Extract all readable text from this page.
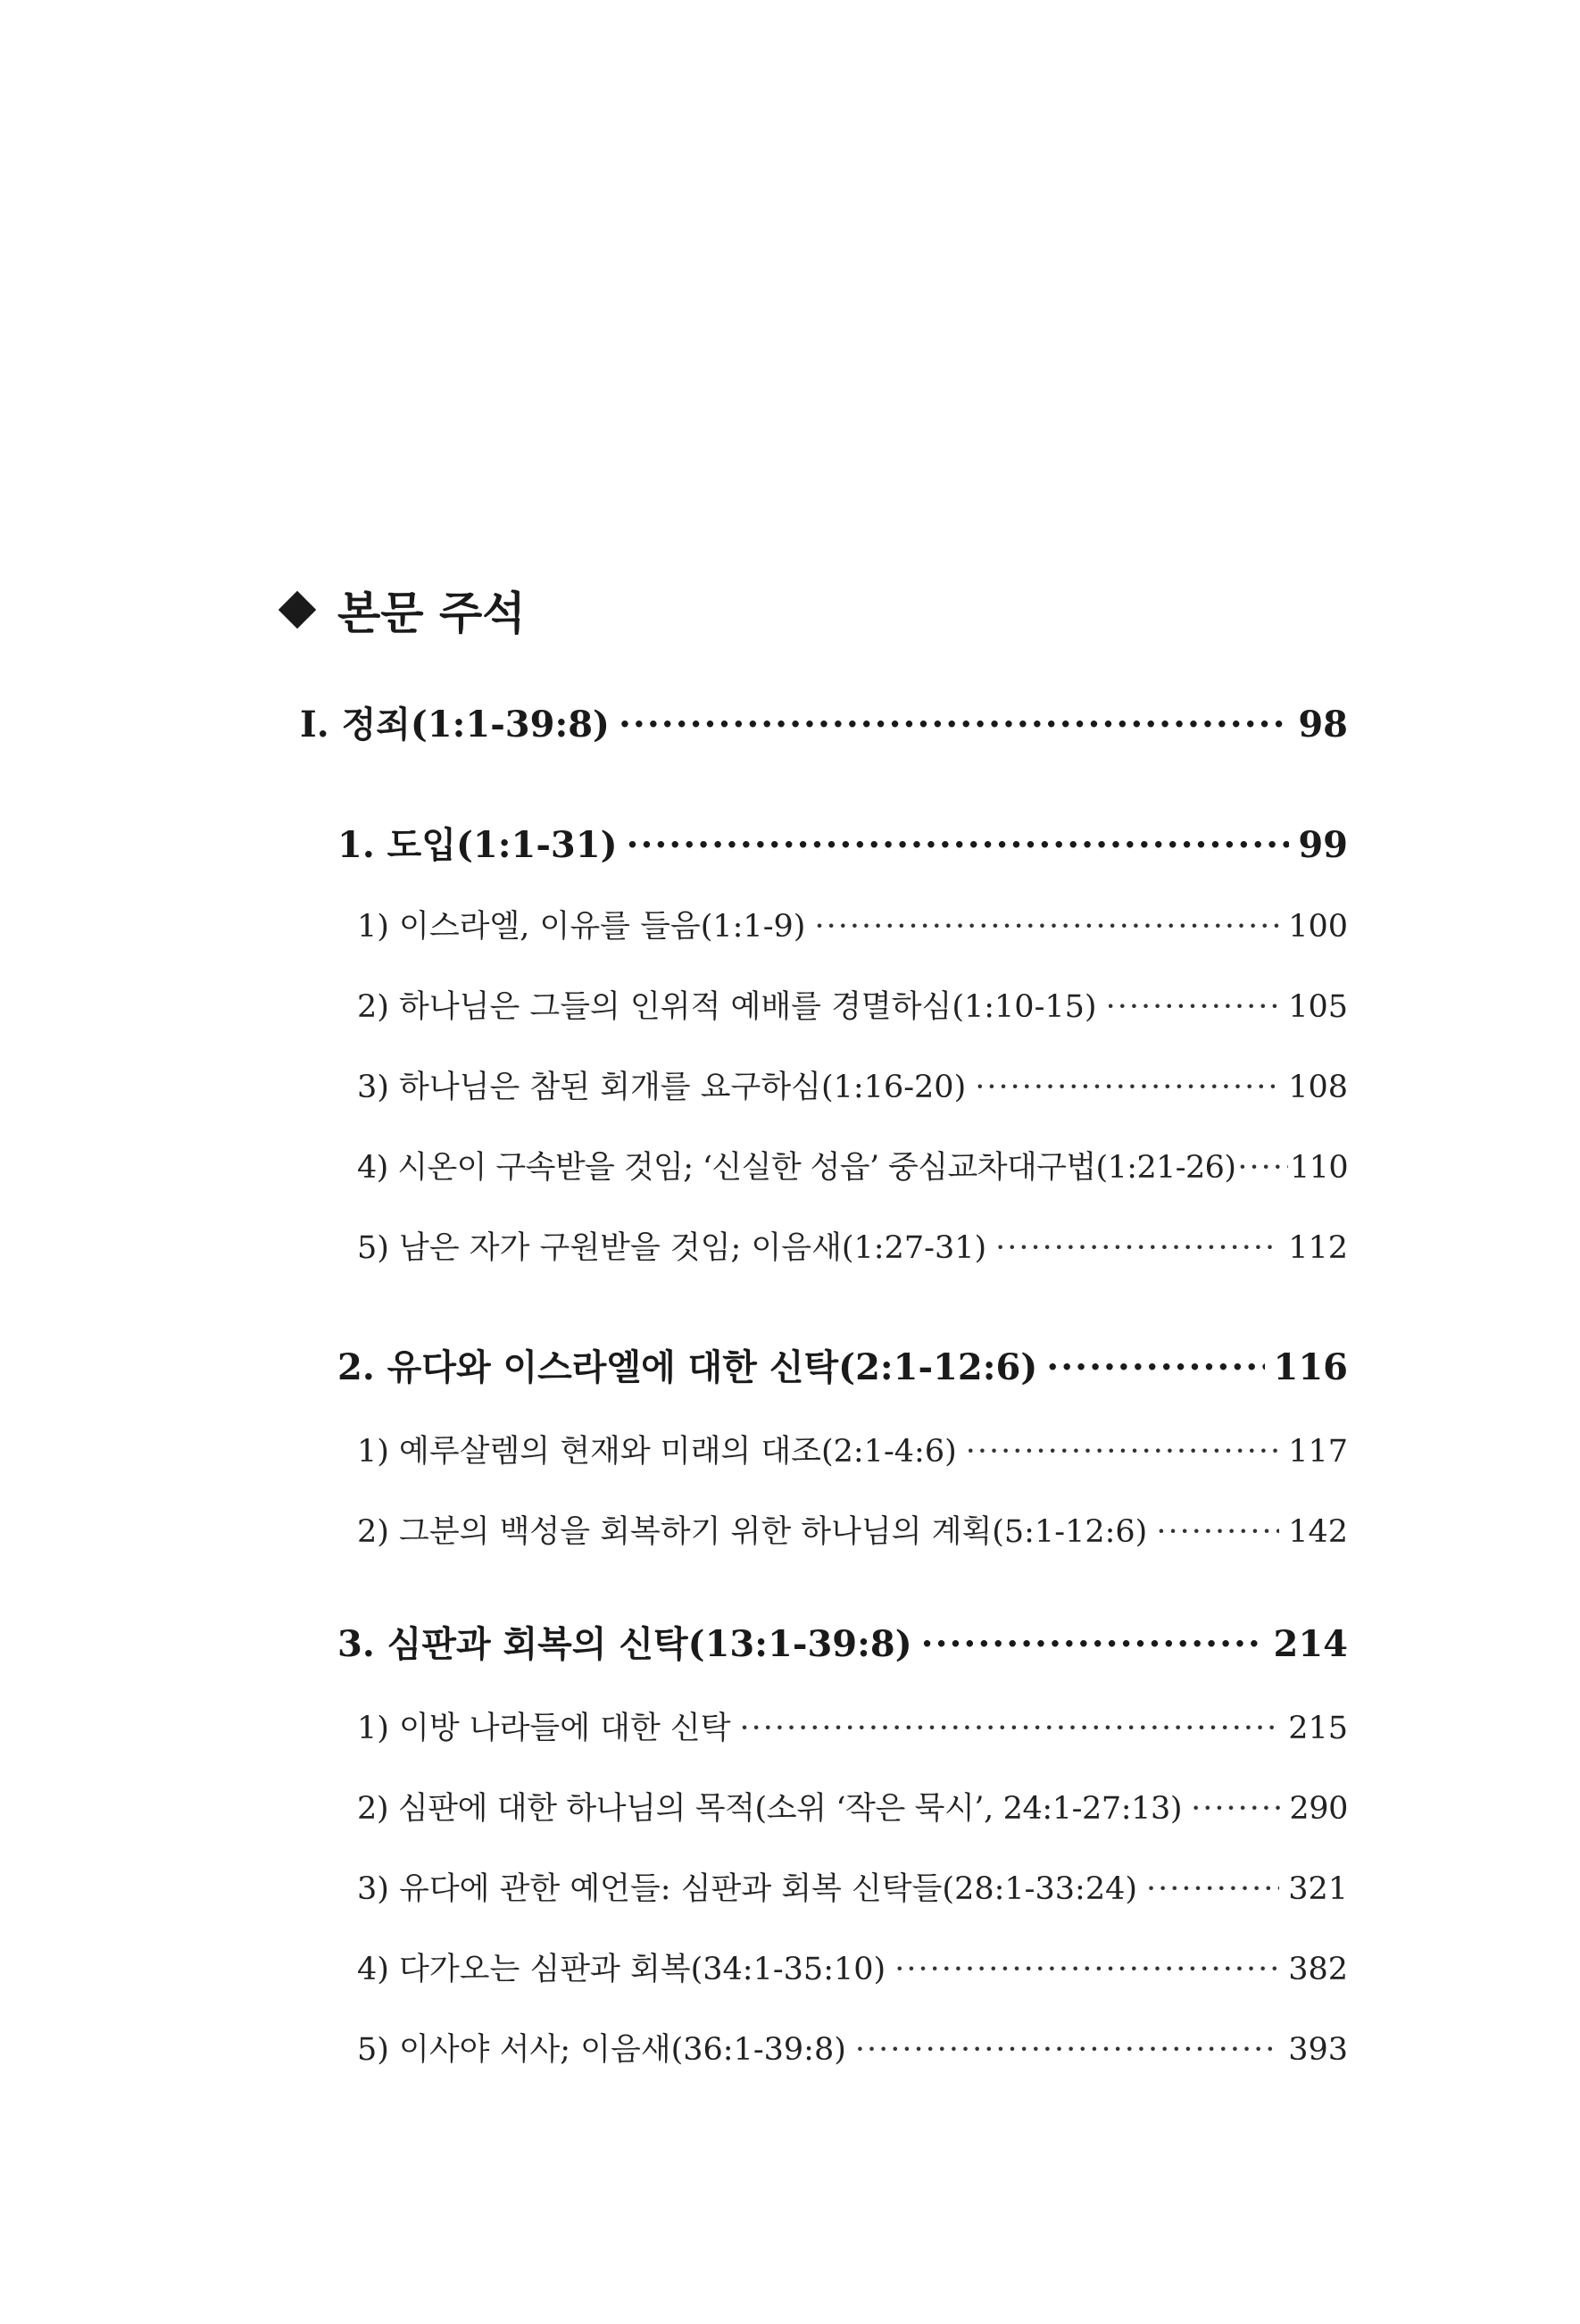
본문 주석
I. 정죄(1:1-39:8) ·····	98
1. 도입(1:1-31) ·····	99
1) 이스라엘, 이유를 들음(1:1-9) ·····	100
2) 하나님은 그들의 인위적 예배를 경멸하심(1:10-15) ·····	105
3) 하나님은 참된 회개를 요구하심(1:16-20) ·····	108
4) 시온이 구속받을 것임; ‘신실한 성읍’ 중심교차대구법(1:21-26) ····· 110
5) 남은 자가 구원받을 것임; 이음새(1:27-31) ·····	112
2. 유다와 이스라엘에 대한 신탁(2:1-12:6) ·····	116
1) 예루살렘의 현재와 미래의 대조(2:1-4:6) ·····	117
2) 그분의 백성을 회복하기 위한 하나님의 계획(5:1-12:6) ·····	142
3. 심판과 회복의 신탁(13:1-39:8) ·····	214
1) 이방 나라들에 대한 신탁 ·····	215
2) 심판에 대한 하나님의 목적(소위 ‘작은 묵시’, 24:1-27:13) ·····	290
3) 유다에 관한 예언들: 심판과 회복 신탁들(28:1-33:24) ·····	321
4) 다가오는 심판과 회복(34:1-35:10) ·····	382
5) 이사야 서사; 이음새(36:1-39:8) ·····	393
